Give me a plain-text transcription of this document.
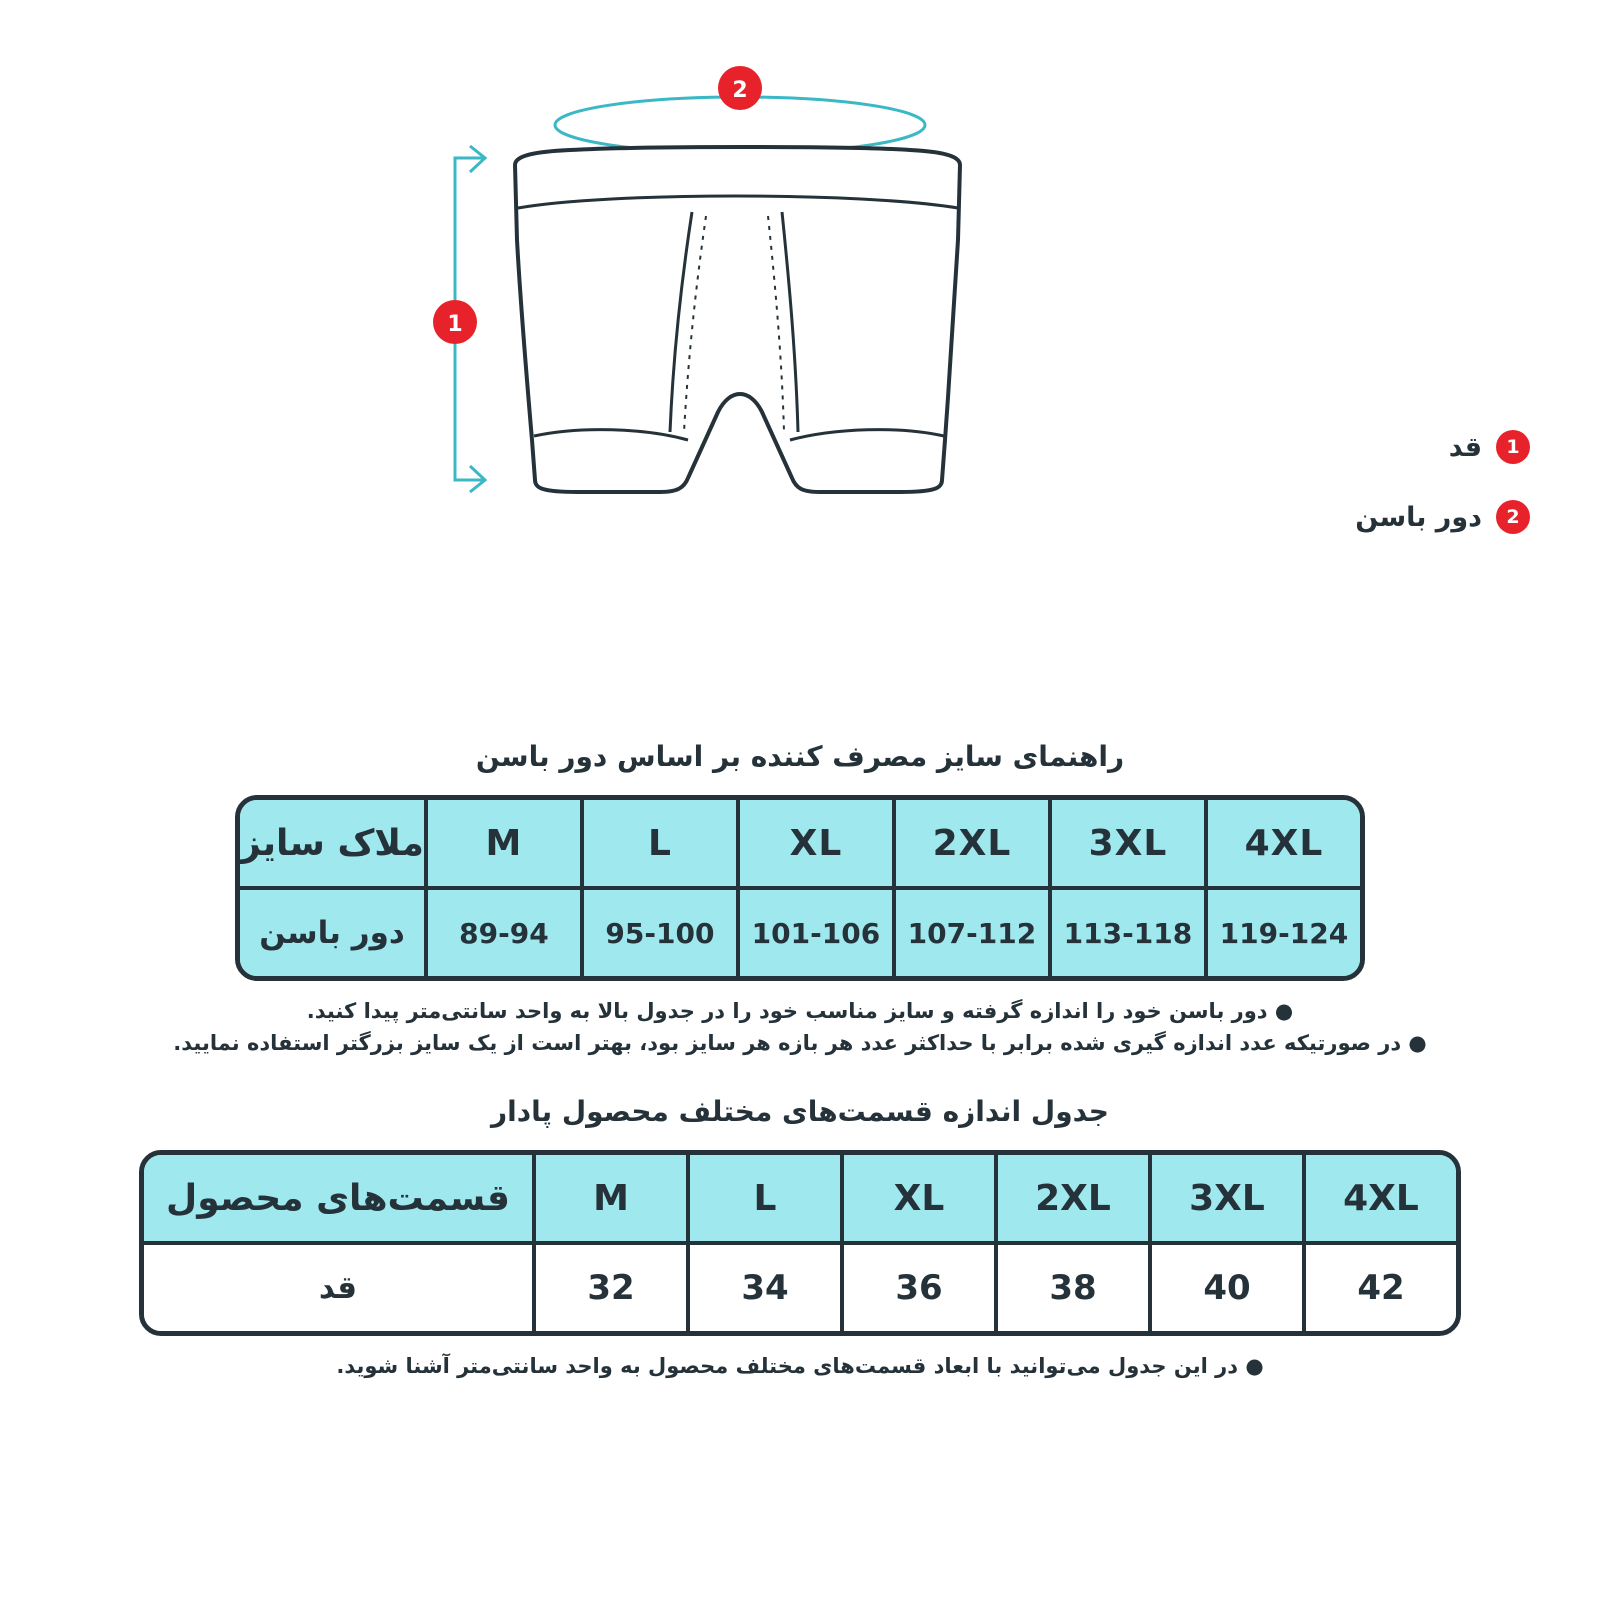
2
1
1
قد
2
دور باسن
راهنمای سایز مصرف کننده بر اساس دور باسن
4XL	3XL	2XL	XL	L	M	ملاک سایز
119-124	113-118	107-112	101-106	95-100	89-94	دور باسن
● دور باسن خود را اندازه گرفته و سایز مناسب خود را در جدول بالا به واحد سانتی‌متر پیدا کنید.
● در صورتیکه عدد اندازه گیری شده برابر با حداکثر عدد هر بازه هر سایز بود، بهتر است از یک سایز بزرگتر استفاده نمایید.
جدول اندازه قسمت‌های مختلف محصول پادار
4XL	3XL	2XL	XL	L	M	قسمت‌های محصول
42	40	38	36	34	32	قد
● در این جدول می‌توانید با ابعاد قسمت‌های مختلف محصول به واحد سانتی‌متر آشنا شوید.
